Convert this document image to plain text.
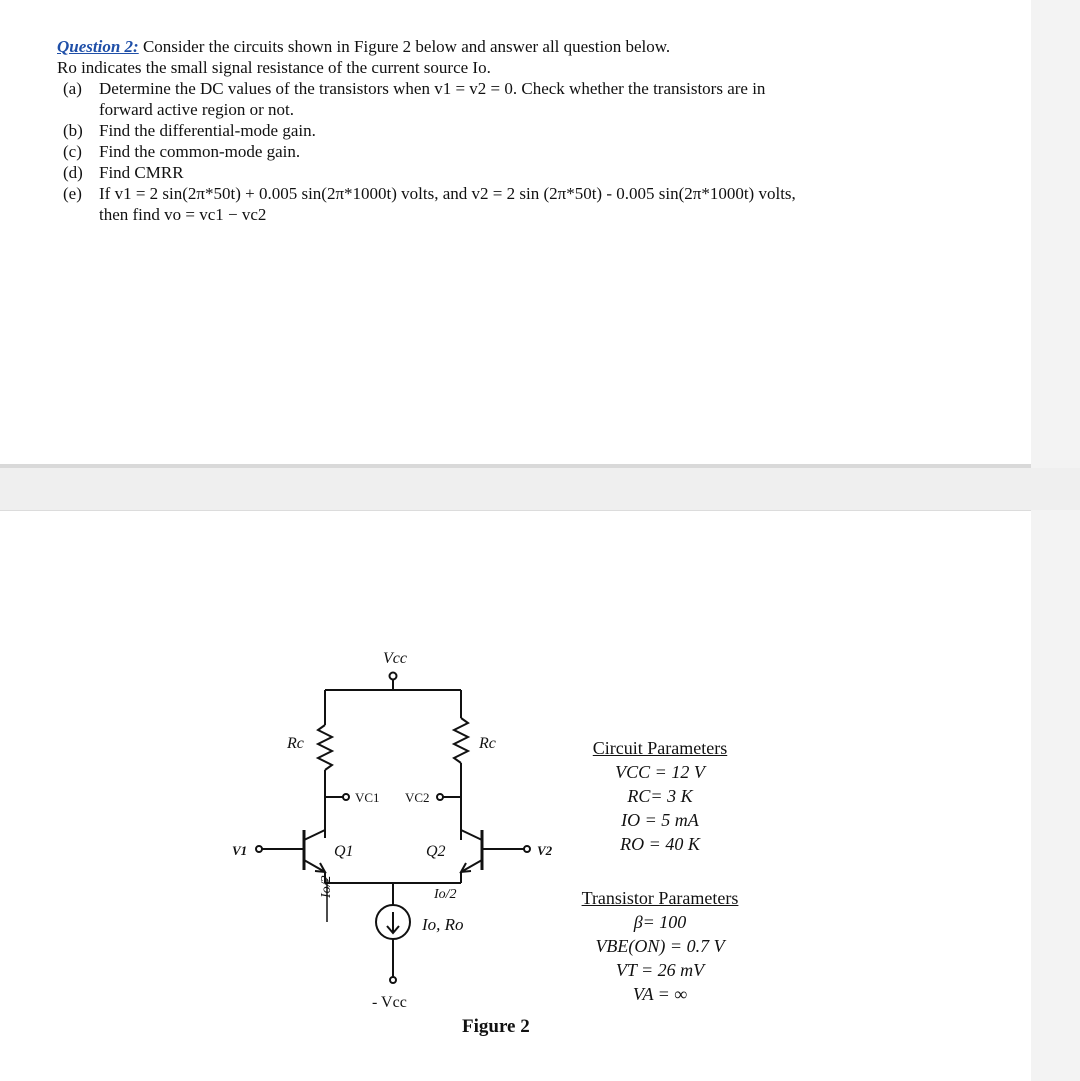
Question 2: Consider the circuits shown in Figure 2 below and answer all question below.

Ro indicates the small signal resistance of the current source Io.

(a) Determine the DC values of the transistors when v1 = v2 = 0. Check whether the transistors are in
forward active region or not.
(b) Find the differential-mode gain.
(c) Find the common-mode gain.
(d) Find CMRR
(e) If v1 = 2 sin(2π*50t) + 0.005 sin(2π*1000t) volts, and v2 = 2 sin (2π*50t) - 0.005 sin(2π*1000t) volts,
then find vo = vc1 − vc2
Vcc
Rc	Rc
VC1 VC2
V1	Q1	V2
Q2
- Vcc
Io, Ro
Io/2	Io/2
Circuit Parameters
VCC = 12 V
RC= 3 K
IO = 5 mA
RO = 40 K
Transistor Parameters
β= 100
VBE(ON) = 0.7 V
VT = 26 mV
VA = ∞
Figure 2
